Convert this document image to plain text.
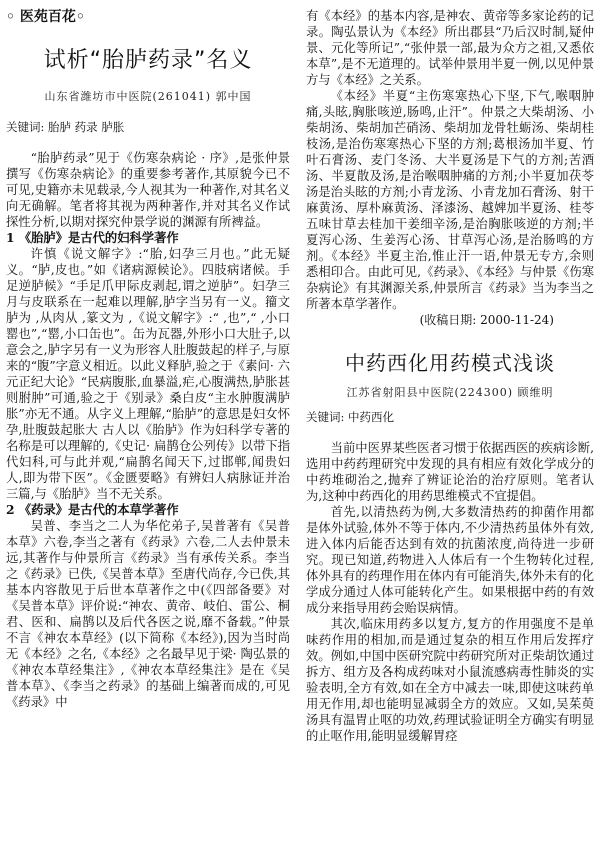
◦ 医苑百花◦

试析“胎胪药录”名义

山东省潍坊市中医院(261041) 郭中国

关键词: 胎胪 药录 胪胀

“胎胪药录”见于《伤寒杂病论 · 序》,是张仲景撰写《伤寒杂病论》的重要参考著作,其原貌今已不可见,史籍亦未见载录,今人视其为一种著作,对其名义向无确解。笔者将其视为两种著作,并对其名义作试探性分析,以期对探究仲景学说的渊源有所裨益。

1 《胎胪》是古代的妇科学著作

许慎《说文解字》:“胎,妇孕三月也。”此无疑义。“胪,皮也。”如《诸病源候论》。四肢病诸候。手足逆胪候》“手足爪甲际皮剥起,谓之逆胪”。妇孕三月与皮联系在一起难以理解,胪字当另有一义。籀文胪为 ,从肉从 ,篆文为 ,《说文解字》:“ ,也”,“ ,小口罂也”,“罂,小口缶也”。缶为瓦器,外形小口大肚子,以意会之,胪字另有一义为形容人肚腹鼓起的样子,与原来的“腹”字意义相近。以此义释胪,验之于《素问· 六元正纪大论》“民病腹胀,血暴溢,疟,心腹满热,胪胀甚则胕肿”可通,验之于《别录》桑白皮“主水肿腹满胪胀”亦无不通。从字义上理解,“胎胪”的意思是妇女怀孕,肚腹鼓起胀大 古人以《胎胪》作为妇科学专著的名称是可以理解的,《史记· 扁鹊仓公列传》以带下指代妇科,可与此并观,“扁鹊名闻天下,过邯郸,闻贵妇人,即为带下医”。《金匮要略》有辨妇人病脉证并治三篇,与《胎胪》当不无关系。

2 《药录》是古代的本草学著作

吴普、李当之二人为华佗弟子,吴普著有《吴普本草》六卷,李当之著有《药录》六卷,二人去仲景未远,其著作与仲景所言《药录》当有承传关系。李当之《药录》已佚,《吴普本草》至唐代尚存,今已佚,其基本内容散见于后世本草著作之中(《四部备要》对《吴普本草》评价说:“神农、黄帝、岐伯、雷公、桐君、医和、扁鹊以及后代各医之说,靡不备载。”仲景不言《神农本草经》(以下简称《本经》),因为当时尚无《本经》之名,《本经》之名最早见于梁· 陶弘景的《神农本草经集注》,《神农本草经集注》是在《吴普本草》、《李当之药录》的基础上编著而成的,可见《药录》中

有《本经》的基本内容,是神农、黄帝等多家论药的记录。陶弘景认为《本经》所出郡县“乃后汉时制,疑仲景、元化等所记”,“张仲景一部,最为众方之祖,又悉依本草”,是不无道理的。试举仲景用半夏一例,以见仲景方与《本经》之关系。

《本经》半夏“主伤寒寒热心下坚,下气,喉咽肿痛,头眩,胸胀咳逆,肠鸣,止汗”。仲景之大柴胡汤、小柴胡汤、柴胡加芒硝汤、柴胡加龙骨牡蛎汤、柴胡桂枝汤,是治伤寒寒热心下坚的方剂;葛根汤加半夏、竹叶石膏汤、麦门冬汤、大半夏汤是下气的方剂;苦酒汤、半夏散及汤,是治喉咽肿痛的方剂;小半夏加茯苓汤是治头眩的方剂;小青龙汤、小青龙加石膏汤、射干麻黄汤、厚朴麻黄汤、泽漆汤、越婢加半夏汤、桂苓五味甘草去桂加干姜细辛汤,是治胸胀咳逆的方剂;半夏泻心汤、生姜泻心汤、甘草泻心汤,是治肠鸣的方剂。《本经》半夏主治,惟止汗一语,仲景无专方,余则悉相印合。由此可见,《药录》、《本经》与仲景《伤寒杂病论》有其渊源关系,仲景所言《药录》当为李当之所著本草学著作。

(收稿日期: 2000-11-24)

中药西化用药模式浅谈

江苏省射阳县中医院(224300) 顾维明

关键词: 中药西化

当前中医界某些医者习惯于依据西医的疾病诊断,选用中药药理研究中发现的具有相应有效化学成分的中药堆砌治之,抛弃了辨证论治的治疗原则。笔者认为,这种中药西化的用药思维模式不宜提倡。

首先,以清热药为例,大多数清热药的抑菌作用都是体外试验,体外不等于体内,不少清热药虽体外有效,进入体内后能否达到有效的抗菌浓度,尚待进一步研究。现已知道,药物进入人体后有一个生物转化过程,体外具有的药理作用在体内有可能消失,体外未有的化学成分通过人体可能转化产生。如果根据中药的有效成分来指导用药会贻误病情。

其次,临床用药多以复方,复方的作用强度不是单味药作用的相加,而是通过复杂的相互作用后发挥疗效。例如,中国中医研究院中药研究所对正柴胡饮通过拆方、组方及各构成药味对小鼠流感病毒性肺炎的实验表明,全方有效,如在全方中减去一味,即使这味药单用无作用,却也能明显减弱全方的效应。又如,吴茱萸汤具有温胃止呕的功效,药理试验证明全方确实有明显的止呕作用,能明显缓解胃痉
